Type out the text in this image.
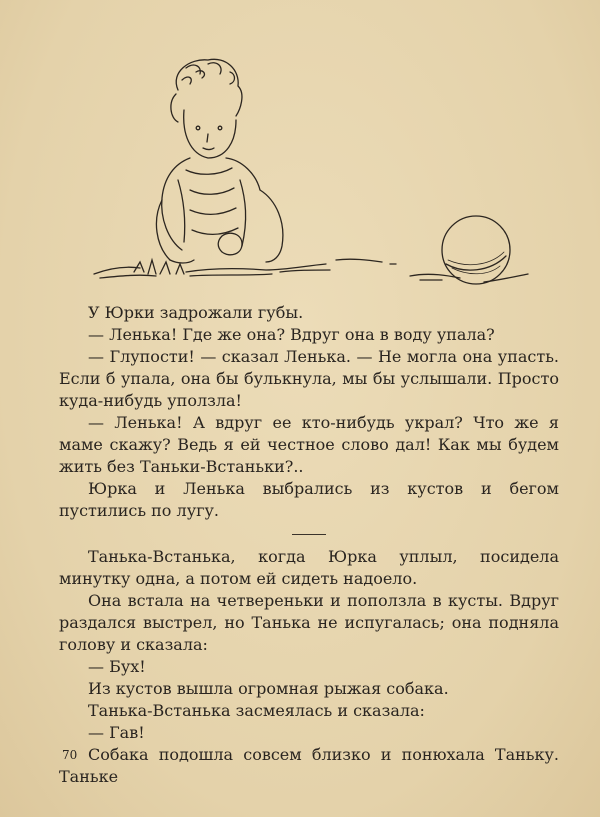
У Юрки задрожали губы.

— Ленька! Где же она? Вдруг она в воду упала?

— Глупости! — сказал Ленька. — Не могла она упасть. Если б упала, она бы булькнула, мы бы услышали. Просто куда-нибудь уползла!

— Ленька! А вдруг ее кто-нибудь украл? Что же я маме скажу? Ведь я ей честное слово дал! Как мы будем жить без Таньки-Встаньки?..

Юрка и Ленька выбрались из кустов и бегом пустились по лугу.

Танька-Встанька, когда Юрка уплыл, посидела минутку одна, а потом ей сидеть надоело.

Она встала на четвереньки и поползла в кусты. Вдруг раздался выстрел, но Танька не испугалась; она подняла голову и сказала:

— Бух!

Из кустов вышла огромная рыжая собака.

Танька-Встанька засмеялась и сказала:

— Гав!

Собака подошла совсем близко и понюхала Таньку. Таньке

70
